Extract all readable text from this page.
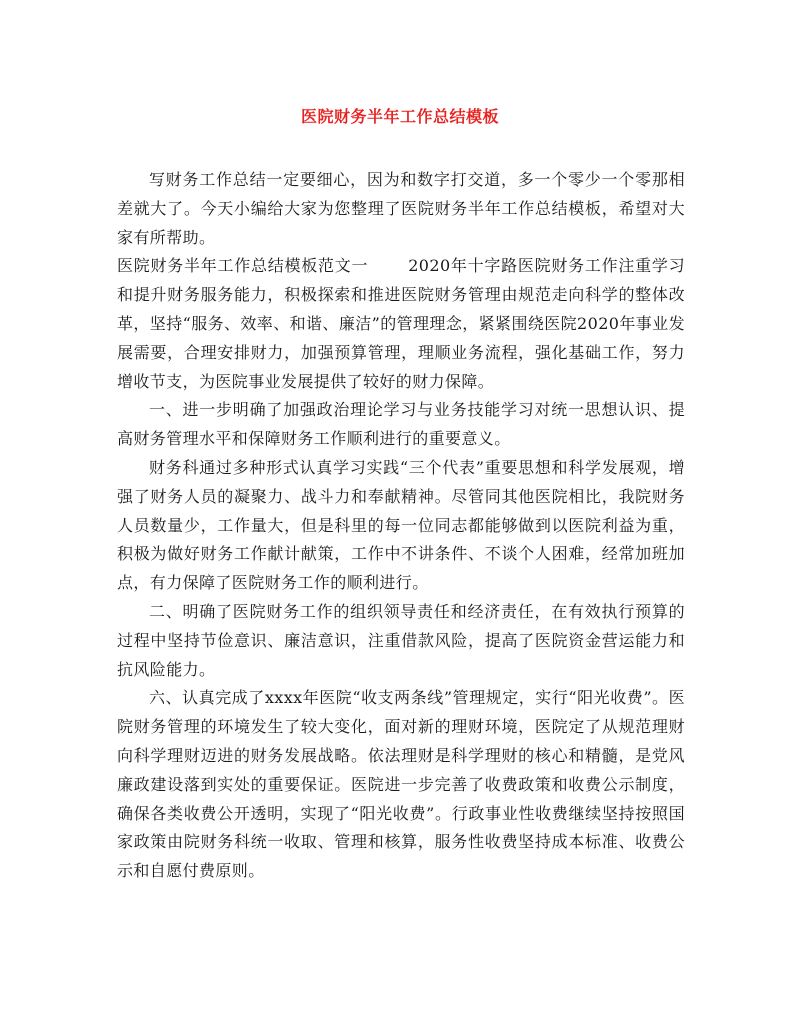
医院财务半年工作总结模板

写财务工作总结一定要细心，因为和数字打交道，多一个零少一个零那相差就大了。今天小编给大家为您整理了医院财务半年工作总结模板，希望对大家有所帮助。

医院财务半年工作总结模板范文一	2020年十字路医院财务工作注重学习和提升财务服务能力，积极探索和推进医院财务管理由规范走向科学的整体改革，坚持“服务、效率、和谐、廉洁”的管理理念，紧紧围绕医院2020年事业发展需要，合理安排财力，加强预算管理，理顺业务流程，强化基础工作，努力增收节支，为医院事业发展提供了较好的财力保障。

一、进一步明确了加强政治理论学习与业务技能学习对统一思想认识、提高财务管理水平和保障财务工作顺利进行的重要意义。

财务科通过多种形式认真学习实践“三个代表”重要思想和科学发展观，增强了财务人员的凝聚力、战斗力和奉献精神。尽管同其他医院相比，我院财务人员数量少，工作量大，但是科里的每一位同志都能够做到以医院利益为重，积极为做好财务工作献计献策，工作中不讲条件、不谈个人困难，经常加班加点，有力保障了医院财务工作的顺利进行。

二、明确了医院财务工作的组织领导责任和经济责任，在有效执行预算的过程中坚持节俭意识、廉洁意识，注重借款风险，提高了医院资金营运能力和抗风险能力。

六、认真完成了xxxx年医院“收支两条线”管理规定，实行“阳光收费”。医院财务管理的环境发生了较大变化，面对新的理财环境，医院定了从规范理财向科学理财迈进的财务发展战略。依法理财是科学理财的核心和精髓，是党风廉政建设落到实处的重要保证。医院进一步完善了收费政策和收费公示制度，确保各类收费公开透明，实现了“阳光收费”。行政事业性收费继续坚持按照国家政策由院财务科统一收取、管理和核算，服务性收费坚持成本标准、收费公示和自愿付费原则。
